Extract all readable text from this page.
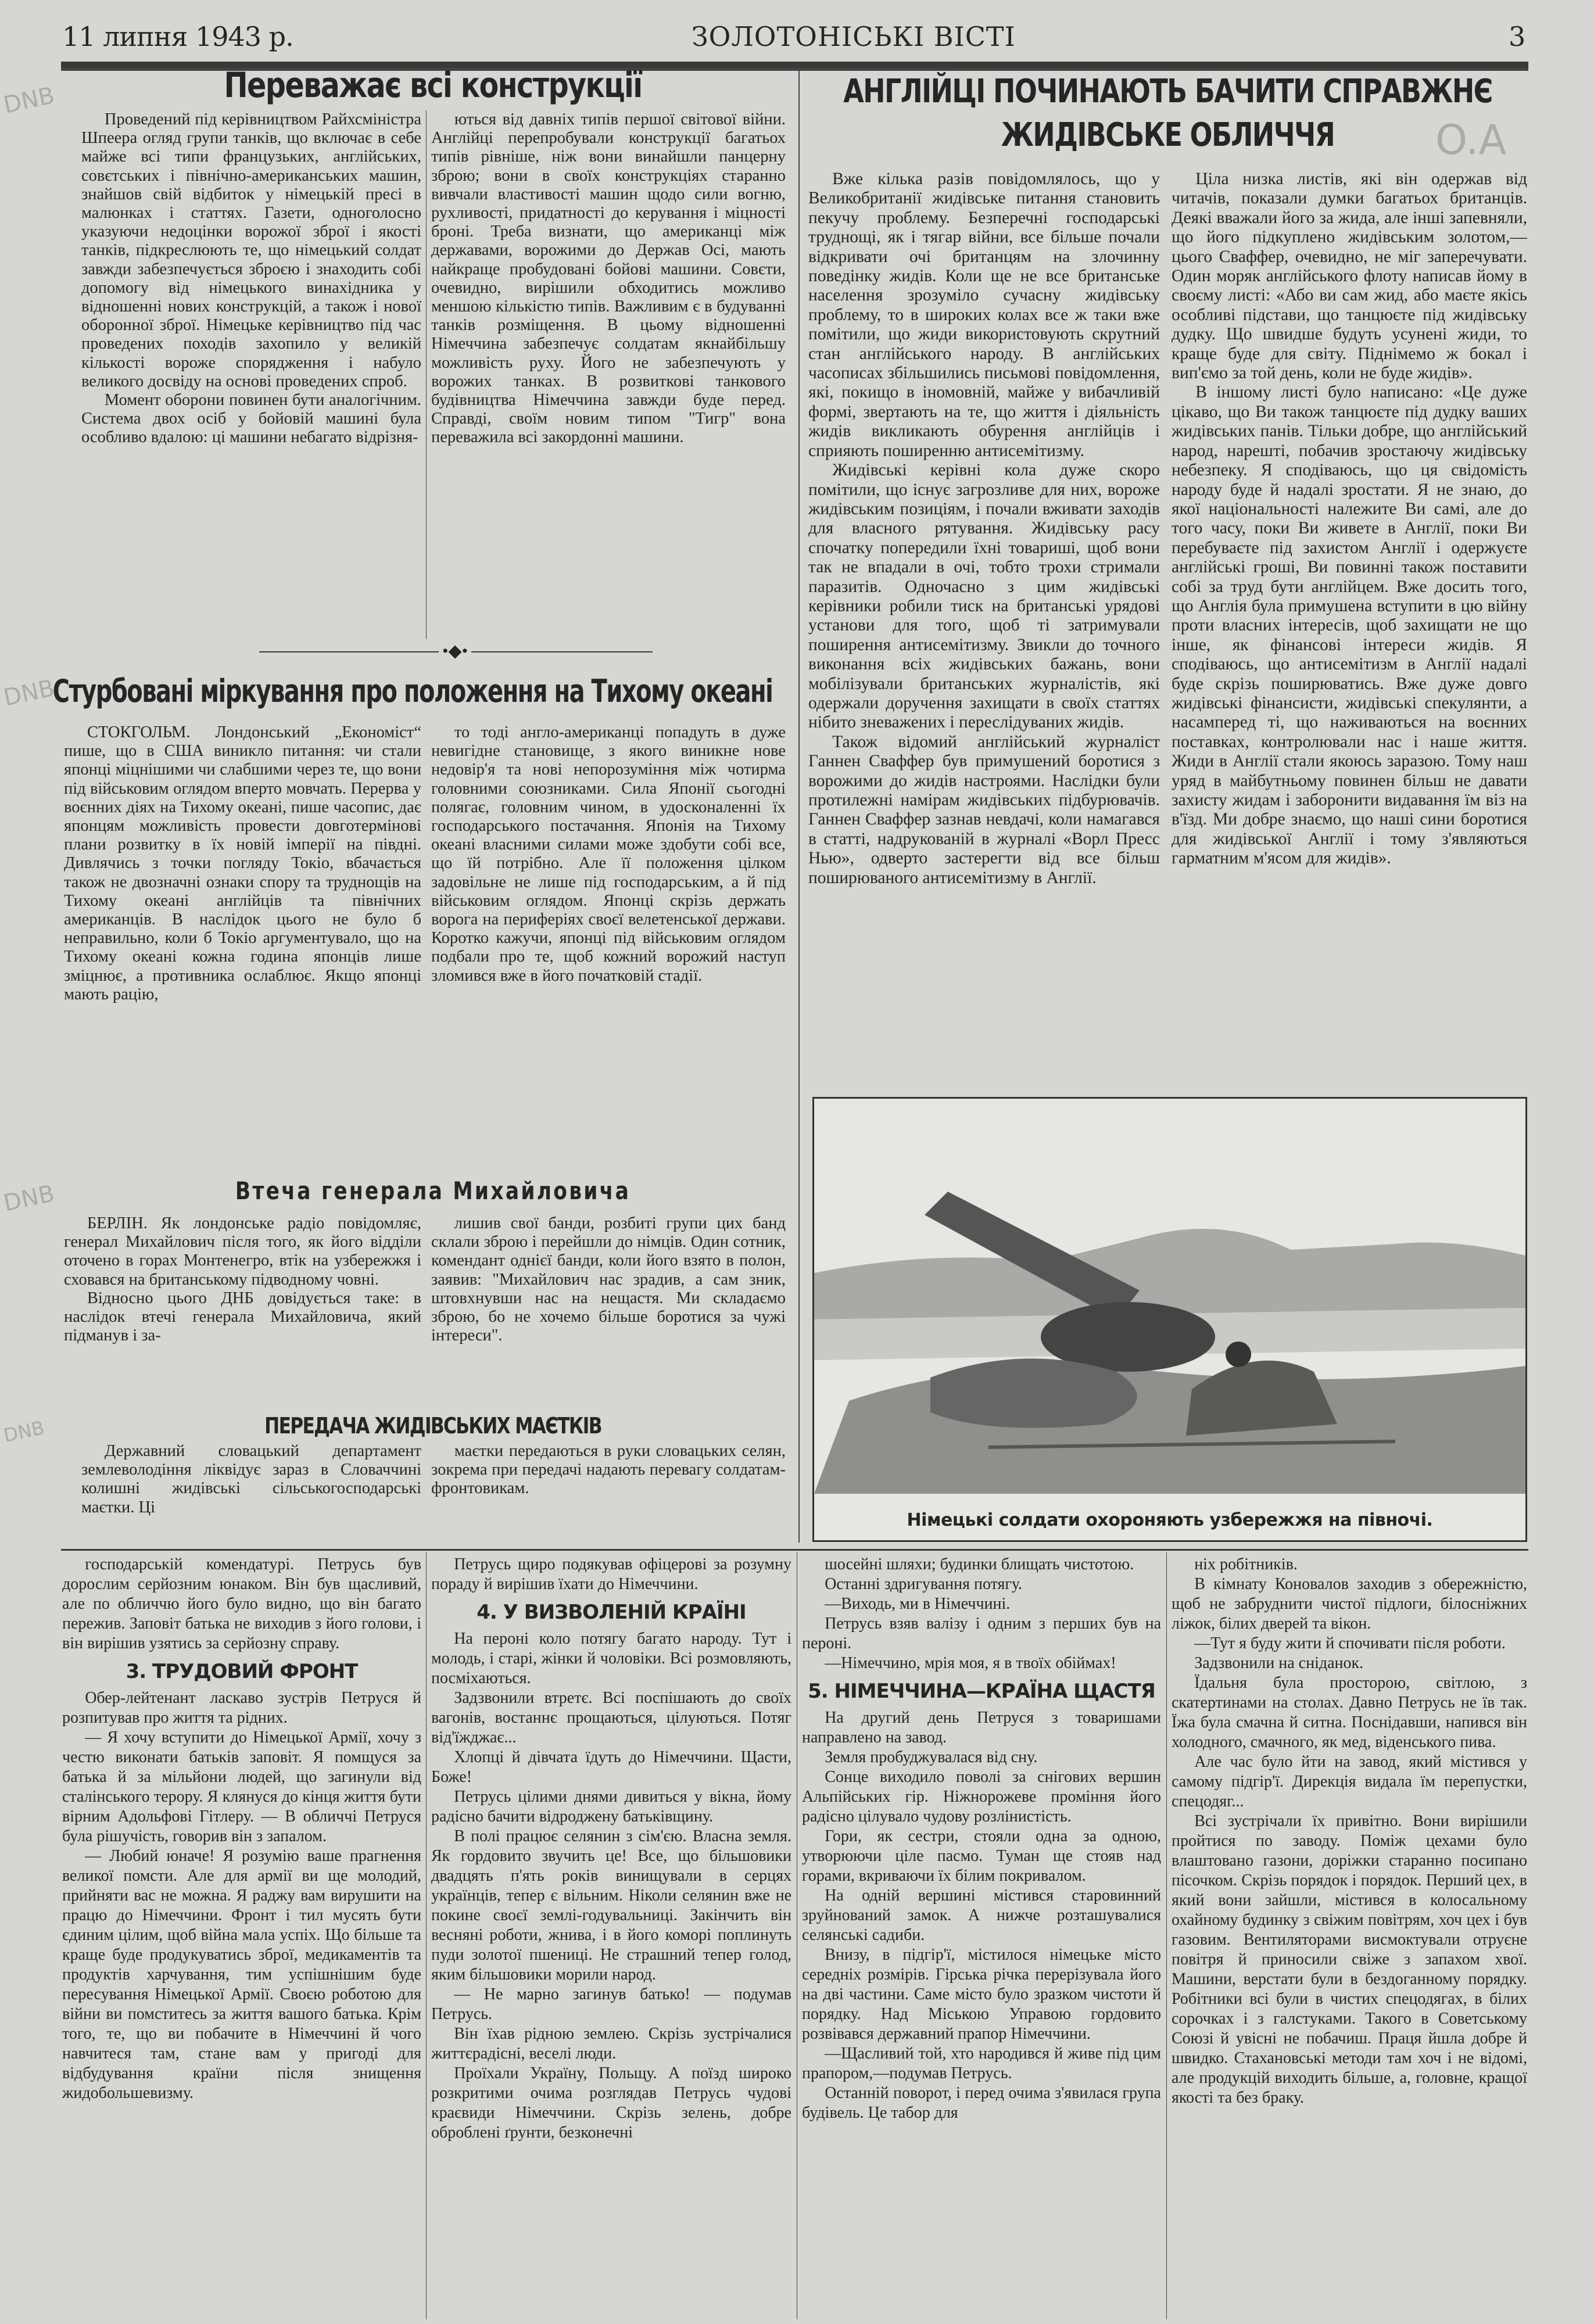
11 липня 1943 р.	ЗОЛОТОНІСЬКІ ВІСТІ	3
DNB
DNB
DNB
DNB
O.A
Переважає всі конструкції

Проведений під керівництвом Райхсміністра Шпеера огляд групи танків, що включає в себе майже всі типи французьких, англійських, совєтських і північно-американських машин, знайшов свій відбиток у німецькій пресі в малюнках і статтях. Газети, одноголосно указуючи недоцінки ворожої зброї і якості танків, підкреслюють те, що німецький солдат завжди забезпечується зброєю і знаходить собі допомогу від німецького винахідника у відношенні нових конструкцій, а також і нової оборонної зброї. Німецьке керівництво під час проведених походів захопило у великій кількості вороже спорядження і набуло великого досвіду на основі проведених спроб.

Момент оборони повинен бути аналогічним. Система двох осіб у бойовій машині була особливо вдалою: ці машини небагато відрізня-

ються від давніх типів першої світової війни. Англійці перепробували конструкції багатьох типів рівніше, ніж вони винайшли панцерну зброю; вони в своїх конструкціях старанно вивчали властивості машин щодо сили вогню, рухливості, придатності до керування і міцності броні. Треба визнати, що американці між державами, ворожими до Держав Осі, мають найкраще пробудовані бойові машини. Совєти, очевидно, вирішили обходитись можливо меншою кількістю типів. Важливим є в будуванні танків розміщення. В цьому відношенні Німеччина забезпечує солдатам якнайбільшу можливість руху. Його не забезпечують у ворожих танках. В розвиткові танкового будівництва Німеччина завжди буде перед. Справді, своїм новим типом "Тигр" вона переважила всі закордонні машини.

•◆•
Стурбовані міркування про положення на Тихому океані

СТОКГОЛЬМ. Лондонський „Економіст“ пише, що в США виникло питання: чи стали японці міцнішими чи слабшими через те, що вони під військовим оглядом вперто мовчать. Перерва у воєнних діях на Тихому океані, пише часопис, дає японцям можливість провести довготермінові плани розвитку в їх новій імперії на півдні. Дивлячись з точки погляду Токіо, вбачається також не двозначні ознаки спору та труднощів на Тихому океані англійців та північних американців. В наслідок цього не було б неправильно, коли б Токіо аргументувало, що на Тихому океані кожна година японців лише зміцнює, а противника ослаблює. Якщо японці мають рацію,

то тоді англо-американці попадуть в дуже невигідне становище, з якого виникне нове недовір'я та нові непорозуміння між чотирма головними союзниками. Сила Японії сьогодні полягає, головним чином, в удосконаленні їх господарського постачання. Японія на Тихому океані власними силами може здобути собі все, що їй потрібно. Але її положення цілком задовільне не лише під господарським, а й під військовим оглядом. Японці скрізь держать ворога на периферіях своєї велетенської держави. Коротко кажучи, японці під військовим оглядом подбали про те, щоб кожний ворожий наступ зломився вже в його початковій стадії.

Втеча генерала Михайловича

БЕРЛІН. Як лондонське радіо повідомляє, генерал Михайлович після того, як його відділи оточено в горах Монтенегро, втік на узбережжя і сховався на британському підводному човні.

Відносно цього ДНБ довідується таке: в наслідок втечі генерала Михайловича, який підманув і за-

лишив свої банди, розбиті групи цих банд склали зброю і перейшли до німців. Один сотник, комендант однієї банди, коли його взято в полон, заявив: "Михайлович нас зрадив, а сам зник, штовхнувши нас на нещастя. Ми складаємо зброю, бо не хочемо більше боротися за чужі інтереси".

ПЕРЕДАЧА ЖИДІВСЬКИХ МАЄТКІВ

Державний словацький департамент землеволодіння ліквідує зараз в Словаччині колишні жидівські сільськогосподарські маєтки. Ці

маєтки передаються в руки словацьких селян, зокрема при передачі надають перевагу солдатам-фронтовикам.

АНГЛІЙЦІ ПОЧИНАЮТЬ БАЧИТИ СПРАВЖНЄ
ЖИДІВСЬКЕ ОБЛИЧЧЯ

Вже кілька разів повідомлялось, що у Великобританії жидівське питання становить пекучу проблему. Безперечні господарські труднощі, як і тягар війни, все більше почали відкривати очі британцям на злочинну поведінку жидів. Коли ще не все британське населення зрозуміло сучасну жидівську проблему, то в широких колах все ж таки вже помітили, що жиди використовують скрутний стан англійського народу. В англійських часописах збільшились письмові повідомлення, які, покищо в іномовній, майже у вибачливій формі, звертають на те, що життя і діяльність жидів викликають обурення англійців і сприяють поширенню антисемітизму.

Жидівські керівні кола дуже скоро помітили, що існує загрозливе для них, вороже жидівським позиціям, і почали вживати заходів для власного рятування. Жидівську расу спочатку попередили їхні товариші, щоб вони так не впадали в очі, тобто трохи стримали паразитів. Одночасно з цим жидівські керівники робили тиск на британські урядові установи для того, щоб ті затримували поширення антисемітизму. Звикли до точного виконання всіх жидівських бажань, вони мобілізували британських журналістів, які одержали доручення захищати в своїх статтях нібито зневажених і переслідуваних жидів.

Також відомий англійський журналіст Ганнен Сваффер був примушений боротися з ворожими до жидів настроями. Наслідки були протилежні намірам жидівських підбурювачів. Ганнен Сваффер зазнав невдачі, коли намагався в статті, надрукованій в журналі «Ворл Пресс Нью», одверто застерегти від все більш поширюваного антисемітизму в Англії.

Ціла низка листів, які він одержав від читачів, показали думки багатьох британців. Деякі вважали його за жида, але інші запевняли, що його підкуплено жидівським золотом,—цього Сваффер, очевидно, не міг заперечувати. Один моряк англійського флоту написав йому в своєму листі: «Або ви сам жид, або маєте якісь особливі підстави, що танцюєте під жидівську дудку. Що швидше будуть усунені жиди, то краще буде для світу. Піднімемо ж бокал і вип'ємо за той день, коли не буде жидів».

В іншому листі було написано: «Це дуже цікаво, що Ви також танцюєте під дудку ваших жидівських панів. Тільки добре, що англійський народ, нарешті, побачив зростаючу жидівську небезпеку. Я сподіваюсь, що ця свідомість народу буде й надалі зростати. Я не знаю, до якої національності належите Ви самі, але до того часу, поки Ви живете в Англії, поки Ви перебуваєте під захистом Англії і одержуєте англійські гроші, Ви повинні також поставити собі за труд бути англійцем. Вже досить того, що Англія була примушена вступити в цю війну проти власних інтересів, щоб захищати не що інше, як фінансові інтереси жидів. Я сподіваюсь, що антисемітизм в Англії надалі буде скрізь поширюватись. Вже дуже довго жидівські фінансисти, жидівські спекулянти, а насамперед ті, що наживаються на воєнних поставках, контролювали нас і наше життя. Жиди в Англії стали якоюсь заразою. Тому наш уряд в майбутньому повинен більш не давати захисту жидам і заборонити видавання їм віз на в'їзд. Ми добре знаємо, що наші сини боротися для жидівської Англії і тому з'являються гарматним м'ясом для жидів».

Німецькі солдати охороняють узбережжя на півночі.

господарській комендатурі. Петрусь був дорослим серйозним юнаком. Він був щасливий, але по обличчю його було видно, що він багато пережив. Заповіт батька не виходив з його голови, і він вирішив узятись за серйозну справу.

3. ТРУДОВИЙ ФРОНТ

Обер-лейтенант ласкаво зустрів Петруся й розпитував про життя та рідних.

— Я хочу вступити до Німецької Армії, хочу з честю виконати батьків заповіт. Я помщуся за батька й за мільйони людей, що загинули від сталінського терору. Я клянуся до кінця життя бути вірним Адольфові Гітлеру. — В обличчі Петруся була рішучість, говорив він з запалом.

— Любий юначе! Я розумію ваше прагнення великої помсти. Але для армії ви ще молодий, прийняти вас не можна. Я раджу вам вирушити на працю до Німеччини. Фронт і тил мусять бути єдиним цілим, щоб війна мала успіх. Що більше та краще буде продукуватись зброї, медикаментів та продуктів харчування, тим успішнішим буде пересування Німецької Армії. Своєю роботою для війни ви помститесь за життя вашого батька. Крім того, те, що ви побачите в Німеччині й чого навчитеся там, стане вам у пригоді для відбудування країни після знищення жидобольшевизму.

Петрусь щиро подякував офіцерові за розумну пораду й вирішив їхати до Німеччини.

4. У ВИЗВОЛЕНІЙ КРАЇНІ

На пероні коло потягу багато народу. Тут і молодь, і старі, жінки й чоловіки. Всі розмовляють, посміхаються.

Задзвонили втретє. Всі поспішають до своїх вагонів, востаннє прощаються, цілуються. Потяг від'їжджає...

Хлопці й дівчата їдуть до Німеччини. Щасти, Боже!

Петрусь цілими днями дивиться у вікна, йому радісно бачити відроджену батьківщину.

В полі працює селянин з сім'єю. Власна земля. Як гордовито звучить це! Все, що більшовики двадцять п'ять років винищували в серцях українців, тепер є вільним. Ніколи селянин вже не покине своєї землі-годувальниці. Закінчить він весняні роботи, жнива, і в його коморі поплинуть пуди золотої пшениці. Не страшний тепер голод, яким більшовики морили народ.

— Не марно загинув батько! — подумав Петрусь.

Він їхав рідною землею. Скрізь зустрічалися життєрадісні, веселі люди.

Проїхали Україну, Польщу. А поїзд широко розкритими очима розглядав Петрусь чудові краєвиди Німеччини. Скрізь зелень, добре оброблені ґрунти, безконечні

шосейні шляхи; будинки блищать чистотою.

Останні здригування потягу.

—Виходь, ми в Німеччині.

Петрусь взяв валізу і одним з перших був на пероні.

—Німеччино, мрія моя, я в твоїх обіймах!

5. НІМЕЧЧИНА—КРАЇНА ЩАСТЯ

На другий день Петруся з товаришами направлено на завод.

Земля пробуджувалася від сну.

Сонце виходило поволі за снігових вершин Альпійських гір. Ніжнорожеве проміння його радісно цілувало чудову розлінистість.

Гори, як сестри, стояли одна за одною, утворюючи ціле пасмо. Туман ще стояв над горами, вкриваючи їх білим покривалом.

На одній вершині містився старовинний зруйнований замок. А нижче розташувалися селянські садиби.

Внизу, в підгір'ї, містилося німецьке місто середніх розмірів. Гірська річка перерізувала його на дві частини. Саме місто було зразком чистоти й порядку. Над Міською Управою гордовито розвівався державний прапор Німеччини.

—Щасливий той, хто народився й живе під цим прапором,—подумав Петрусь.

Останній поворот, і перед очима з'явилася група будівель. Це табор для

ніх робітників.

В кімнату Коновалов заходив з обережністю, щоб не забруднити чистої підлоги, білосніжних ліжок, білих дверей та вікон.

—Тут я буду жити й спочивати після роботи.

Задзвонили на сніданок.

Їдальня була просторою, світлою, з скатертинами на столах. Давно Петрусь не їв так. Їжа була смачна й ситна. Поснідавши, напився він холодного, смачного, як мед, віденського пива.

Але час було йти на завод, який містився у самому підгір'ї. Дирекція видала їм перепустки, спецодяг...

Всі зустрічали їх привітно. Вони вирішили пройтися по заводу. Поміж цехами було влаштовано газони, доріжки старанно посипано пісочком. Скрізь порядок і порядок. Перший цех, в який вони зайшли, містився в колосальному охайному будинку з свіжим повітрям, хоч цех і був газовим. Вентиляторами висмоктували отруєне повітря й приносили свіже з запахом хвої. Машини, верстати були в бездоганному порядку. Робітники всі були в чистих спецодягах, в білих сорочках і з галстуками. Такого в Советському Союзі й увісні не побачиш. Праця йшла добре й швидко. Стахановські методи там хоч і не відомі, але продукцій виходить більше, а, головне, кращої якості та без браку.
